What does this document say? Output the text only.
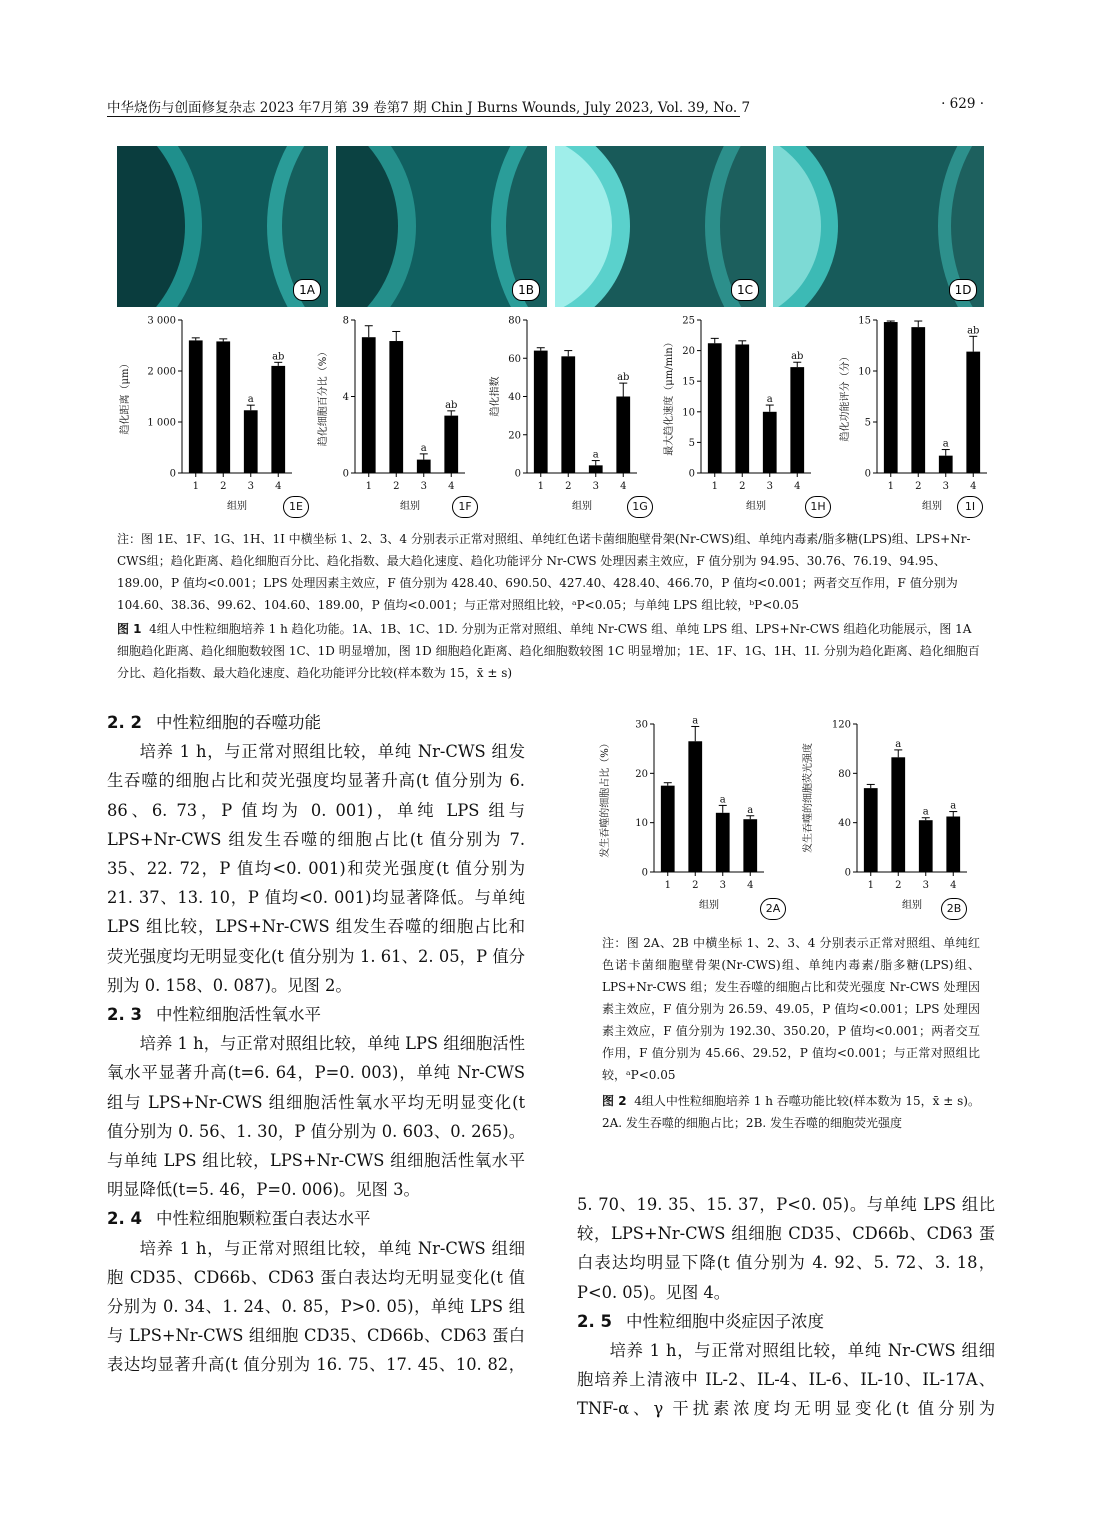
中华烧伤与创面修复杂志 2023 年7月第 39 卷第7 期 Chin J Burns Wounds, July 2023, Vol. 39, No. 7	· 629 ·
1A	1B	1C	1D
0
1 000
2 000
3 000
1 2
a
3
ab
4
组别
趋化距离（μm）
0
4
8
1 2
a
3
ab
4
组别
趋化细胞百分比（%）
0
20
40
60
80
1 2
a
3
ab
4
组别
趋化指数
0
5
10
15
20
25
1 2
a
3
ab
4
组别
最大趋化速度（μm/min）
0
5
10
15
1 2
a
3
ab
4
组别
趋化功能评分（分）
1E	1F	1G	1H	1I

注：图 1E、1F、1G、1H、1I 中横坐标 1、2、3、4 分别表示正常对照组、单纯红色诺卡菌细胞壁骨架(Nr-CWS)组、单纯内毒素/脂多糖(LPS)组、LPS+Nr-CWS组；趋化距离、趋化细胞百分比、趋化指数、最大趋化速度、趋化功能评分 Nr-CWS 处理因素主效应，F 值分别为 94.95、30.76、76.19、94.95、189.00，P 值均<0.001；LPS 处理因素主效应，F 值分别为 428.40、690.50、427.40、428.40、466.70，P 值均<0.001；两者交互作用，F 值分别为 104.60、38.36、99.62、104.60、189.00，P 值均<0.001；与正常对照组比较，ᵃP<0.05；与单纯 LPS 组比较，ᵇP<0.05

图 1 4组人中性粒细胞培养 1 h 趋化功能。1A、1B、1C、1D. 分别为正常对照组、单纯 Nr-CWS 组、单纯 LPS 组、LPS+Nr-CWS 组趋化功能展示，图 1A 细胞趋化距离、趋化细胞数较图 1C、1D 明显增加，图 1D 细胞趋化距离、趋化细胞数较图 1C 明显增加；1E、1F、1G、1H、1I. 分别为趋化距离、趋化细胞百分比、趋化指数、最大趋化速度、趋化功能评分比较(样本数为 15，x̄ ± s)

2. 2 中性粒细胞的吞噬功能

培养 1 h，与正常对照组比较，单纯 Nr-CWS 组发生吞噬的细胞占比和荧光强度均显著升高(t 值分别为 6. 86、6. 73，P 值均为 0. 001)，单纯 LPS 组与 LPS+Nr-CWS 组发生吞噬的细胞占比(t 值分别为 7. 35、22. 72，P 值均<0. 001)和荧光强度(t 值分别为 21. 37、13. 10，P 值均<0. 001)均显著降低。与单纯 LPS 组比较，LPS+Nr-CWS 组发生吞噬的细胞占比和荧光强度均无明显变化(t 值分别为 1. 61、2. 05，P 值分别为 0. 158、0. 087)。见图 2。

2. 3 中性粒细胞活性氧水平

培养 1 h，与正常对照组比较，单纯 LPS 组细胞活性氧水平显著升高(t=6. 64，P=0. 003)，单纯 Nr-CWS 组与 LPS+Nr-CWS 组细胞活性氧水平均无明显变化(t 值分别为 0. 56、1. 30，P 值分别为 0. 603、0. 265)。与单纯 LPS 组比较，LPS+Nr-CWS 组细胞活性氧水平明显降低(t=5. 46，P=0. 006)。见图 3。

2. 4 中性粒细胞颗粒蛋白表达水平

培养 1 h，与正常对照组比较，单纯 Nr-CWS 组细胞 CD35、CD66b、CD63 蛋白表达均无明显变化(t 值分别为 0. 34、1. 24、0. 85，P>0. 05)，单纯 LPS 组与 LPS+Nr-CWS 组细胞 CD35、CD66b、CD63 蛋白表达均显著升高(t 值分别为 16. 75、17. 45、10. 82，

0
10
20
30
1
a
2
a
3
a
4
组别
发生吞噬的细胞占比（%）
0
40
80
120
1
a
2
a
3
a
4
组别
发生吞噬的细胞荧光强度
2A	2B

注：图 2A、2B 中横坐标 1、2、3、4 分别表示正常对照组、单纯红色诺卡菌细胞壁骨架(Nr-CWS)组、单纯内毒素/脂多糖(LPS)组、LPS+Nr-CWS 组；发生吞噬的细胞占比和荧光强度 Nr-CWS 处理因素主效应，F 值分别为 26.59、49.05，P 值均<0.001；LPS 处理因素主效应，F 值分别为 192.30、350.20，P 值均<0.001；两者交互作用，F 值分别为 45.66、29.52，P 值均<0.001；与正常对照组比较，ᵃP<0.05

图 2 4组人中性粒细胞培养 1 h 吞噬功能比较(样本数为 15，x̄ ± s)。2A. 发生吞噬的细胞占比；2B. 发生吞噬的细胞荧光强度

5. 70、19. 35、15. 37，P<0. 05)。与单纯 LPS 组比较，LPS+Nr-CWS 组细胞 CD35、CD66b、CD63 蛋白表达均明显下降(t 值分别为 4. 92、5. 72、3. 18，P<0. 05)。见图 4。

2. 5 中性粒细胞中炎症因子浓度

培养 1 h，与正常对照组比较，单纯 Nr-CWS 组细胞培养上清液中 IL-2、IL-4、IL-6、IL-10、IL-17A、TNF-α、γ 干扰素浓度均无明显变化(t 值分别为
